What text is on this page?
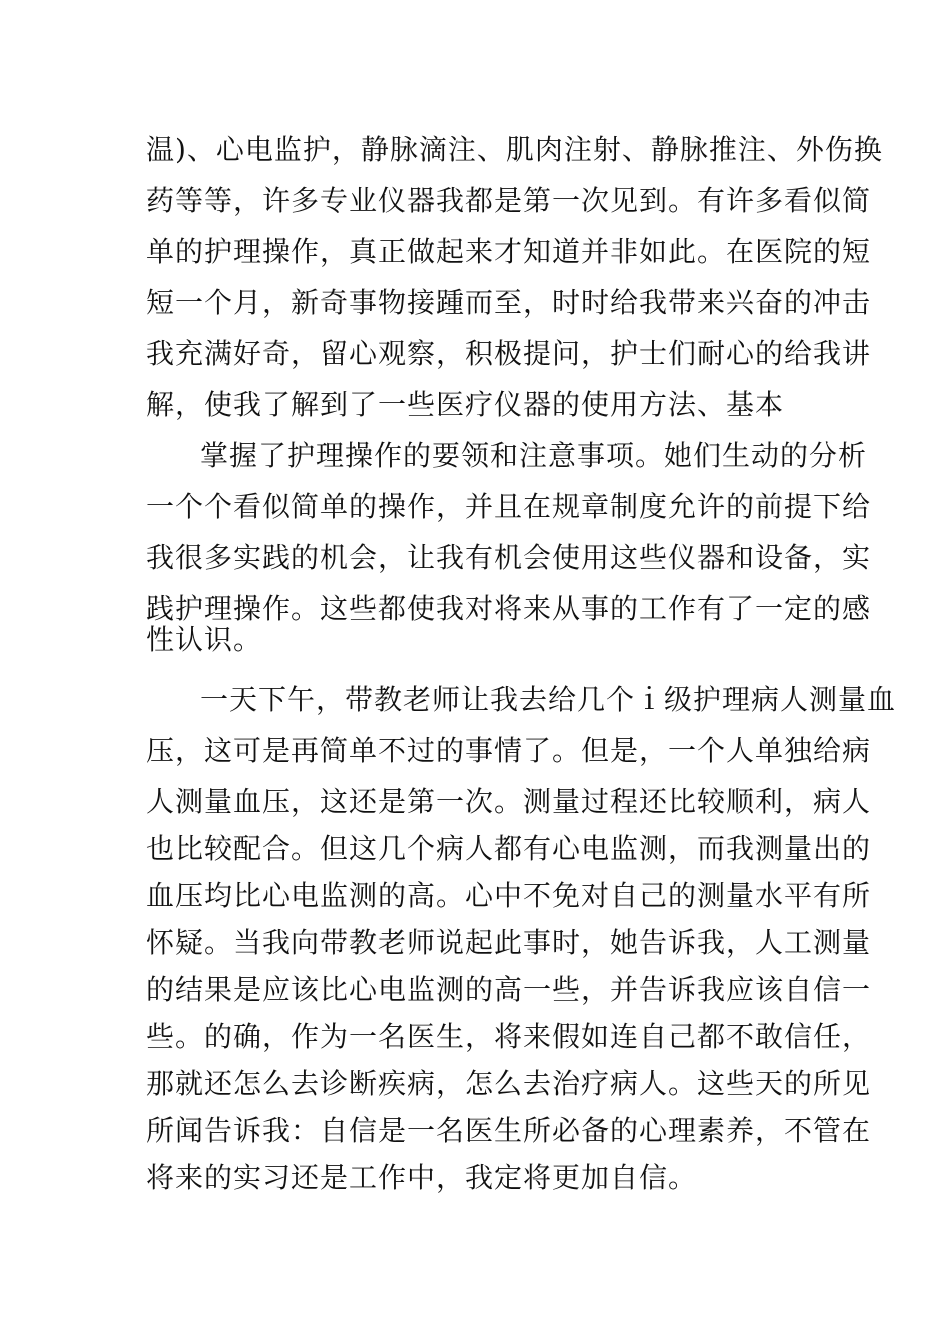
温)、心电监护，静脉滴注、肌肉注射、静脉推注、外伤换
药等等，许多专业仪器我都是第一次见到。有许多看似简
单的护理操作，真正做起来才知道并非如此。在医院的短
短一个月，新奇事物接踵而至，时时给我带来兴奋的冲击
我充满好奇，留心观察，积极提问，护士们耐心的给我讲
解，使我了解到了一些医疗仪器的使用方法、基本
掌握了护理操作的要领和注意事项。她们生动的分析
一个个看似简单的操作，并且在规章制度允许的前提下给
我很多实践的机会，让我有机会使用这些仪器和设备，实
践护理操作。这些都使我对将来从事的工作有了一定的感
性认识。
一天下午，带教老师让我去给几个ｉ级护理病人测量血
压，这可是再简单不过的事情了。但是，一个人单独给病
人测量血压，这还是第一次。测量过程还比较顺利，病人
也比较配合。但这几个病人都有心电监测，而我测量出的
血压均比心电监测的高。心中不免对自己的测量水平有所
怀疑。当我向带教老师说起此事时，她告诉我，人工测量
的结果是应该比心电监测的高一些，并告诉我应该自信一
些。的确，作为一名医生，将来假如连自己都不敢信任，
那就还怎么去诊断疾病，怎么去治疗病人。这些天的所见
所闻告诉我：自信是一名医生所必备的心理素养，不管在
将来的实习还是工作中，我定将更加自信。
